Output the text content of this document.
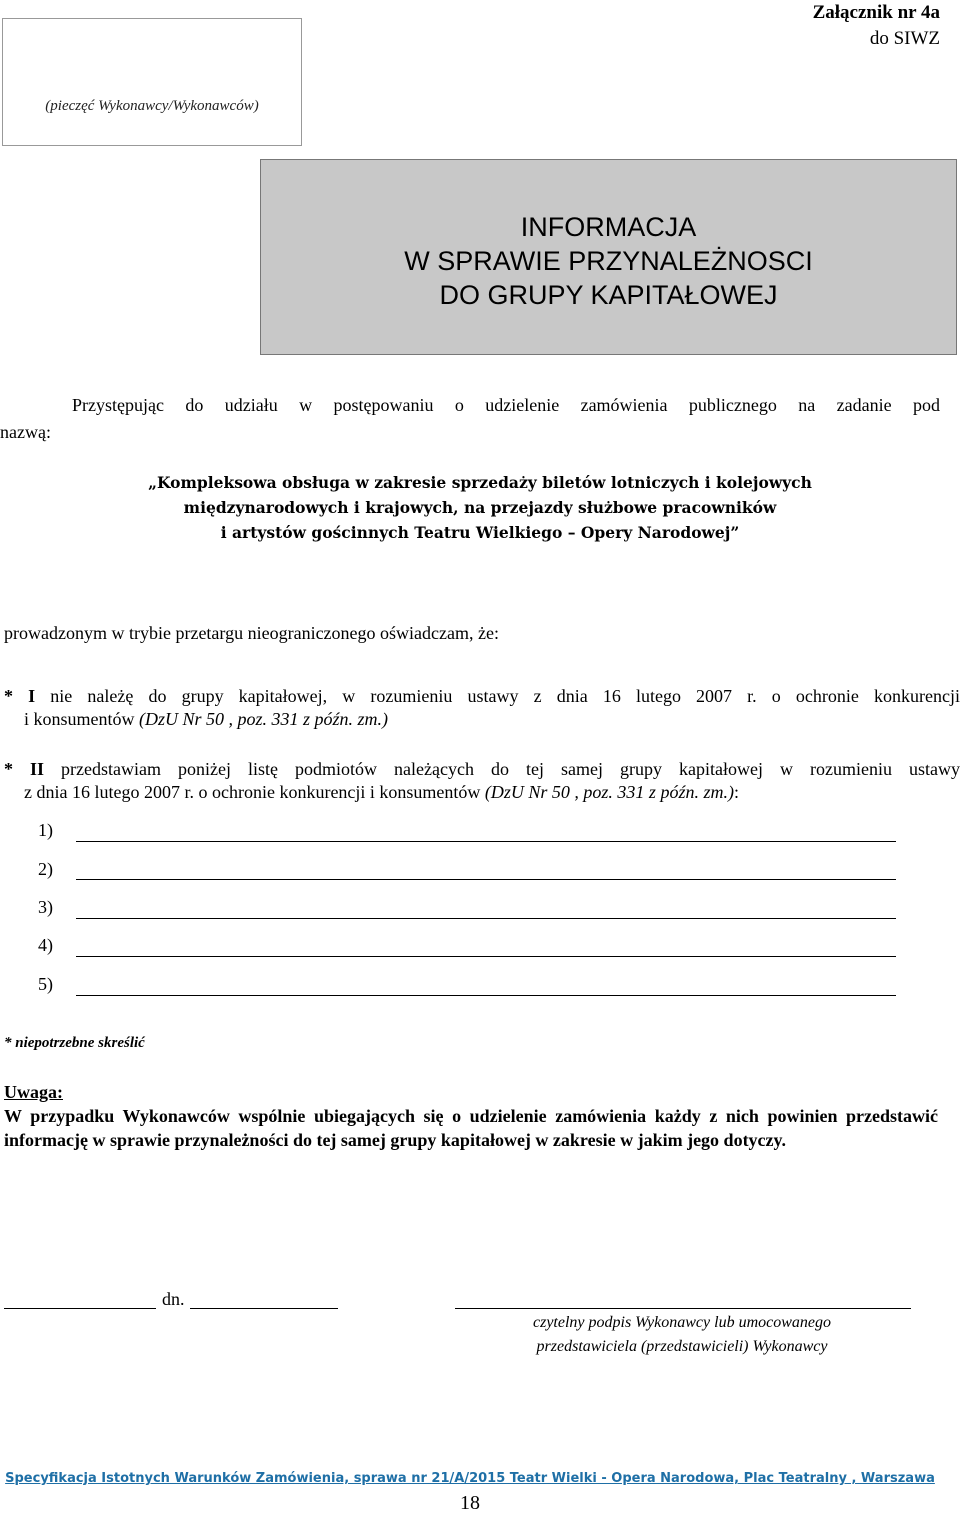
Załącznik nr 4a
do SIWZ
(pieczęć Wykonawcy/Wykonawców)
INFORMACJA
W SPRAWIE PRZYNALEŻNOSCI
DO GRUPY KAPITAŁOWEJ
Przystępując do udziału w postępowaniu o udzielenie zamówienia publicznego na zadanie pod
nazwą:
„Kompleksowa obsługa w zakresie sprzedaży biletów lotniczych i kolejowych
międzynarodowych i krajowych, na przejazdy służbowe pracowników
i artystów gościnnych Teatru Wielkiego – Opery Narodowej”
prowadzonym w trybie przetargu nieograniczonego oświadczam, że:
* I nie należę do grupy kapitałowej, w rozumieniu ustawy z dnia 16 lutego 2007 r. o ochronie konkurencji
i konsumentów (DzU Nr 50 , poz. 331 z późn. zm.)
* II przedstawiam poniżej listę podmiotów należących do tej samej grupy kapitałowej w rozumieniu ustawy
z dnia 16 lutego 2007 r. o ochronie konkurencji i konsumentów (DzU Nr 50 , poz. 331 z późn. zm.):
1)
2)
3)
4)
5)
* niepotrzebne skreślić
Uwaga:
W przypadku Wykonawców wspólnie ubiegających się o udzielenie zamówienia każdy z nich powinien przedstawić informację w sprawie przynależności do tej samej grupy kapitałowej w zakresie w jakim jego dotyczy.
dn.
czytelny podpis Wykonawcy lub umocowanego
przedstawiciela (przedstawicieli) Wykonawcy
Specyfikacja Istotnych Warunków Zamówienia, sprawa nr 21/A/2015 Teatr Wielki - Opera Narodowa, Plac Teatralny , Warszawa
18
